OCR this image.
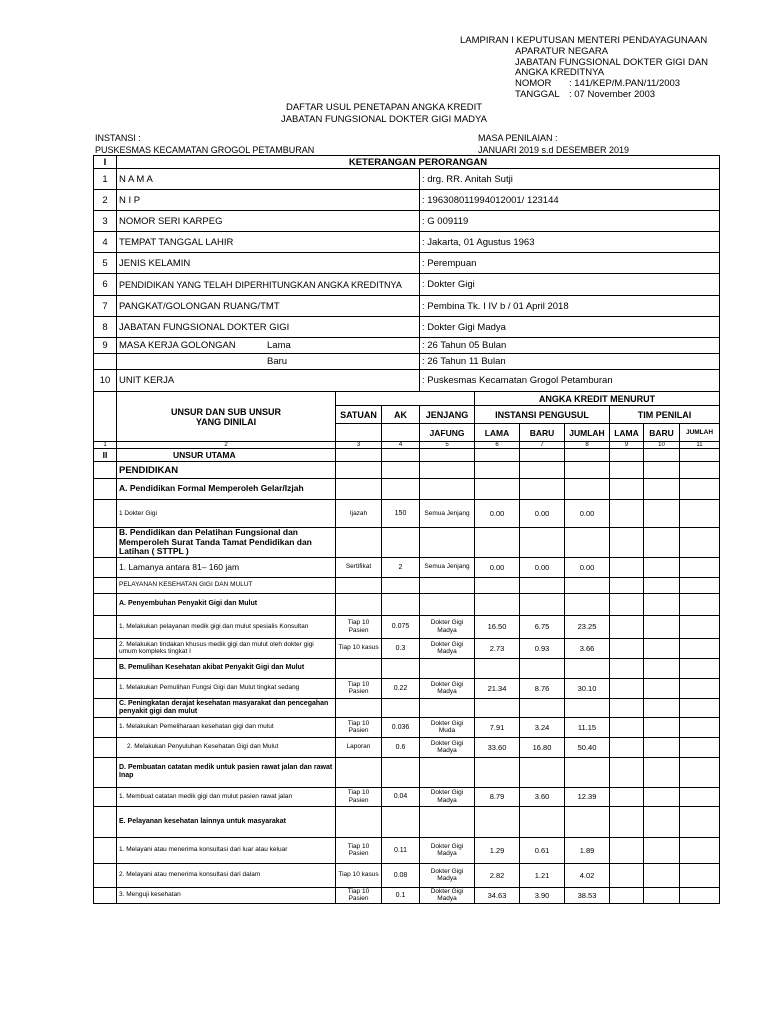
LAMPIRAN
I
KEPUTUSAN MENTERI PENDAYAGUNAAN
APARATUR NEGARA
JABATAN FUNGSIONAL DOKTER GIGI DAN
ANGKA KREDITNYA
NOMOR	: 141/KEP/M.PAN/11/2003
TANGGAL : 07 November 2003
DAFTAR USUL PENETAPAN ANGKA KREDIT
JABATAN FUNGSIONAL DOKTER GIGI MADYA
INSTANSI :
PUSKESMAS KECAMATAN GROGOL PETAMBURAN
MASA PENILAIAN :
JANUARI 2019 s.d DESEMBER 2019
I	KETERANGAN PERORANGAN									
1	N A M A			: drg. RR. Anitah Sutji						
2	N I P			: 196308011994012001/ 123144						
3	NOMOR SERI KARPEG			: G 009119						
4	TEMPAT TANGGAL LAHIR			: Jakarta, 01 Agustus 1963						
5	JENIS KELAMIN			: Perempuan						
6	PENDIDIKAN YANG TELAH DIPERHITUNGKAN ANGKA KREDITNYA			: Dokter Gigi						
7	PANGKAT/GOLONGAN RUANG/TMT			: Pembina Tk. I IV b / 01 April 2018						
8	JABATAN FUNGSIONAL DOKTER GIGI			: Dokter Gigi Madya						
9	MASA KERJA GOLONGAN Lama			: 26 Tahun 05 Bulan						
	Baru			: 26 Tahun 11 Bulan						
10	UNIT KERJA			: Puskesmas Kecamatan Grogol Petamburan						

	UNSUR DAN SUB UNSUR
YANG DINILAI				ANGKA KREDIT MENURUT					
		SATUAN	AK	JENJANG	INSTANSI PENGUSUL			TIM PENILAI		
				JAFUNG	LAMA	BARU	JUMLAH	LAMA	BARU	JUMLAH
1	2	3	4	5	6	7	8	9	10	11
II	UNSUR UTAMA									
	PENDIDIKAN									
	A. Pendidikan Formal Memperoleh Gelar/Izjah									
	1 Dokter Gigi	Ijazah	150	Semua Jenjang	0.00	0.00	0.00			
	B. Pendidikan dan Pelatihan Fungsional dan Memperoleh Surat Tanda Tamat Pendidikan dan Latihan ( STTPL )									
	1. Lamanya antara 81– 160 jam	Sertifikat	2	Semua Jenjang	0.00	0.00	0.00			
	PELAYANAN KESEHATAN GIGI DAN MULUT									
	A. Penyembuhan Penyakit Gigi dan Mulut									
	1. Melakukan pelayanan medik gigi dan mulut spesialis Konsultan	Tiap 10 Pasien	0.075	Dokter Gigi Madya	16.50	6.75	23.25			
	2. Melakukan tindakan khusus medik gigi dan mulut oleh dokter gigi umum kompleks tingkat I	Tiap 10 kasus	0.3	Dokter Gigi Madya	2.73	0.93	3.66			
	B. Pemulihan Kesehatan akibat Penyakit Gigi dan Mulut									
	1. Melakukan Pemulihan Fungsi Gigi dan Mulut tingkat sedang	Tiap 10 Pasien	0.22	Dokter Gigi Madya	21.34	8.76	30.10			
	C. Peningkatan derajat kesehatan masyarakat dan pencegahan penyakit gigi dan mulut									
	1. Melakukan Pemeliharaan kesehatan gigi dan mulut	Tiap 10 Pasien	0.036	Dokter Gigi Muda	7.91	3.24	11.15			
	2. Melakukan Penyuluhan Kesehatan Gigi dan Mulut	Laporan	0.6	Dokter Gigi Madya	33.60	16.80	50.40			
	D. Pembuatan catatan medik untuk pasien rawat jalan dan rawat Inap									
	1. Membuat catatan medik gigi dan mulut pasien rawat jalan	Tiap 10 Pasien	0.04	Dokter Gigi Madya	8.79	3.60	12.39			
	E. Pelayanan kesehatan lainnya untuk masyarakat									
	1. Melayani atau menerima konsultasi dari luar atau keluar	Tiap 10 Pasien	0.11	Dokter Gigi Madya	1.29	0.61	1.89			
	2. Melayani atau menerima konsultasi dari dalam	Tiap 10 kasus	0.08	Dokter Gigi Madya	2.82	1.21	4.02			
	3. Menguji kesehatan	Tiap 10 Pasien	0.1	Dokter Gigi Madya	34.63	3.90	38.53			
